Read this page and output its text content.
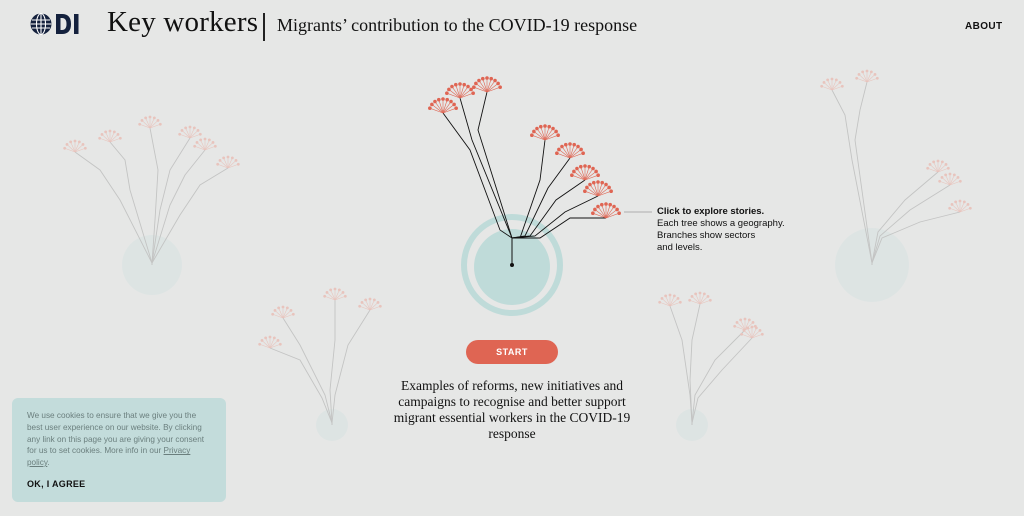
Key workers Migrants’ contribution to the COVID-19 response	ABOUT
Click to explore stories.
Each tree shows a geography.
Branches show sectors
and levels.
START
Examples of reforms, new initiatives and campaigns to recognise and better support migrant essential workers in the COVID-19 response

We use cookies to ensure that we give you the best user experience on our website. By clicking any link on this page you are giving your consent for us to set cookies. More info in our Privacy policy.

OK, I AGREE
